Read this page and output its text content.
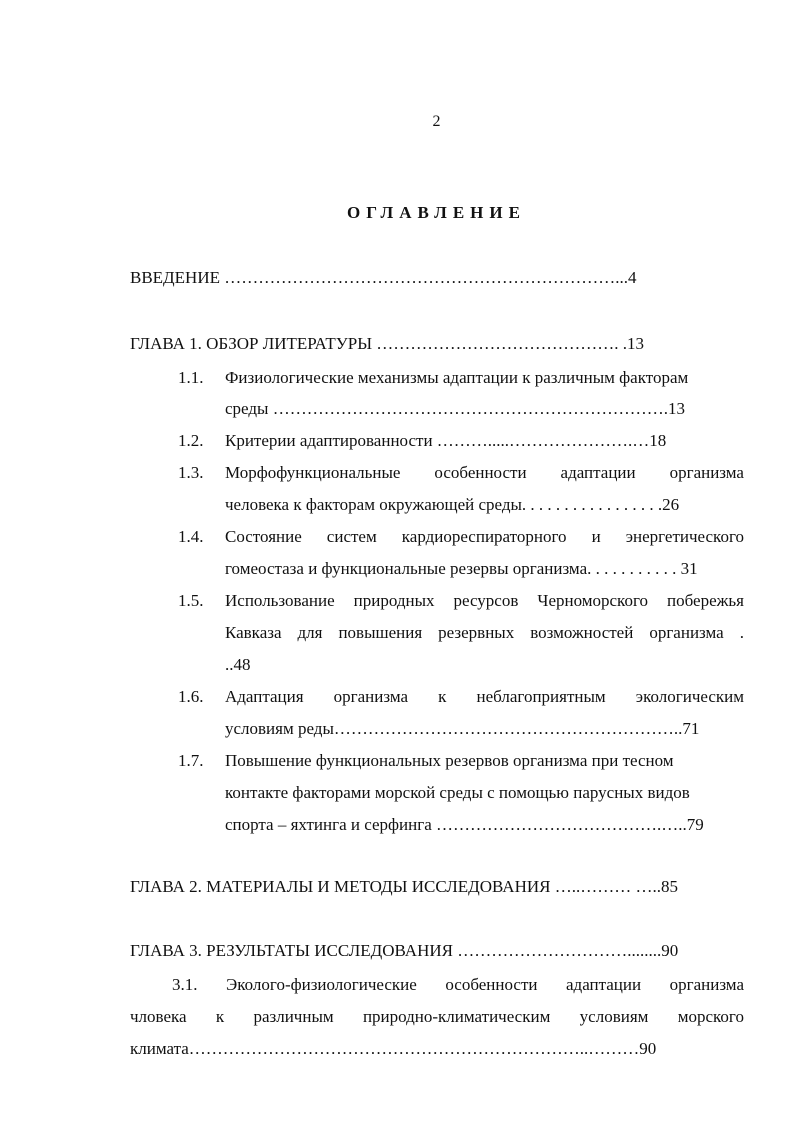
2
ОГЛАВЛЕНИЕ
ВВЕДЕНИЕ ……………………………………………………………...4
ГЛАВА 1. ОБЗОР ЛИТЕРАТУРЫ ……………………………………. .13
1.1. Физиологические механизмы адаптации к различным факторам
среды …………………………………………………………….13
1.2. Критерии адаптированности ……….....………………….…18
1.3. Морфофункциональные особенности адаптации организма
человека к факторам окружающей среды. . . . . . . . . . . . . . . . .26
1.4. Состояние систем кардиореспираторного и энергетического
гомеостаза и функциональные резервы организма. . . . . . . . . . . 31
1.5. Использование природных ресурсов Черноморского побережья
Кавказа для повышения резервных возможностей организма .
..48
1.6. Адаптация организма к неблагоприятным экологическим
условиям реды……………………………………………………..71
1.7. Повышение функциональных резервов организма при тесном
контакте факторами морской среды с помощью парусных видов
спорта – яхтинга и серфинга ………………………………….…..79
ГЛАВА 2. МАТЕРИАЛЫ И МЕТОДЫ ИССЛЕДОВАНИЯ …..……… …..85
ГЛАВА 3. РЕЗУЛЬТАТЫ ИССЛЕДОВАНИЯ …………………………........90
3.1. Эколого-физиологические особенности адаптации организма
чловека к различным природно-климатическим условиям морского
климата……………………………………………………………..………90
